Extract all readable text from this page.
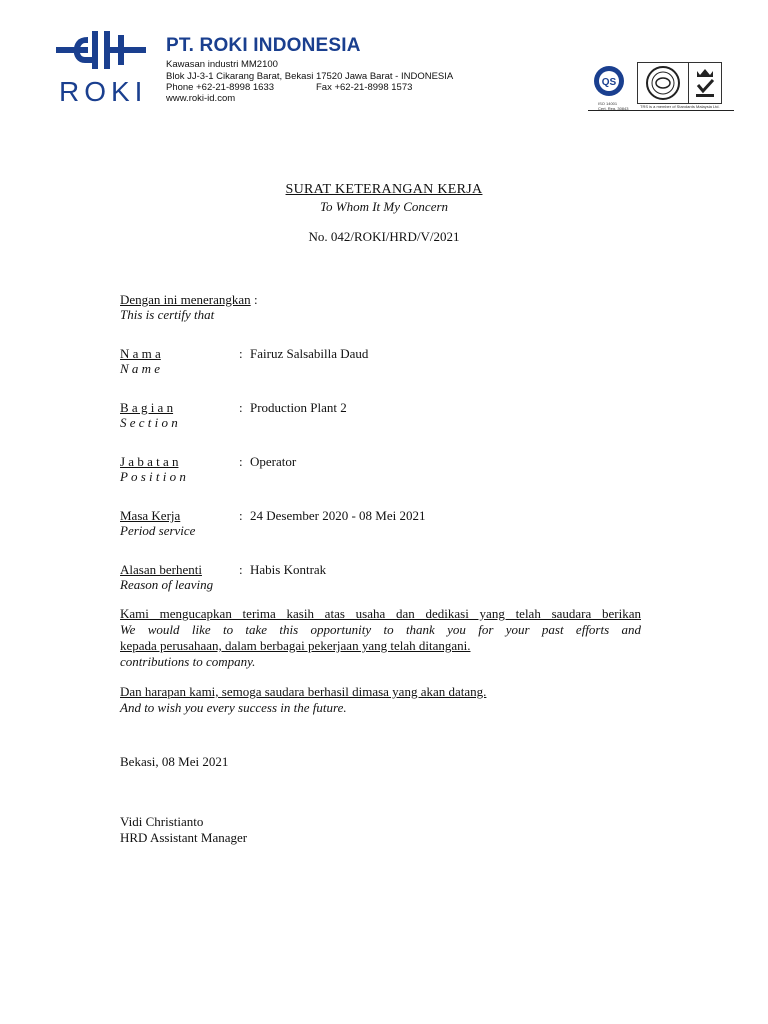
ROKI
PT. ROKI INDONESIA
Kawasan industri MM2100
Blok JJ-3-1 Cikarang Barat, Bekasi 17520 Jawa Barat - INDONESIA
Phone +62-21-8998 1633	Fax +62-21-8998 1573
www.roki-id.com
QS
ISO 14001
Cert. Reg. 30843	TRS is a member of Standards Malaysia Ltd.
SURAT KETERANGAN KERJA
To Whom It My Concern
No. 042/ROKI/HRD/V/2021
Dengan ini menerangkan :
This is certify that
N a m a
N a m e
: Fairuz Salsabilla Daud
B a g i a n
S e c t i o n
: Production Plant 2
J a b a t a n
P o s i t i o n
: Operator
Masa Kerja
Period service
: 24 Desember 2020 - 08 Mei 2021
Alasan berhenti
Reason of leaving
: Habis Kontrak
Kami mengucapkan terima kasih atas usaha dan dedikasi yang telah saudara berikan
We would like to take this opportunity to thank you for your past efforts and
kepada perusahaan, dalam berbagai pekerjaan yang telah ditangani.
contributions to company.
Dan harapan kami, semoga saudara berhasil dimasa yang akan datang.
And to wish you every success in the future.
Bekasi, 08 Mei 2021
Vidi Christianto
HRD Assistant Manager
